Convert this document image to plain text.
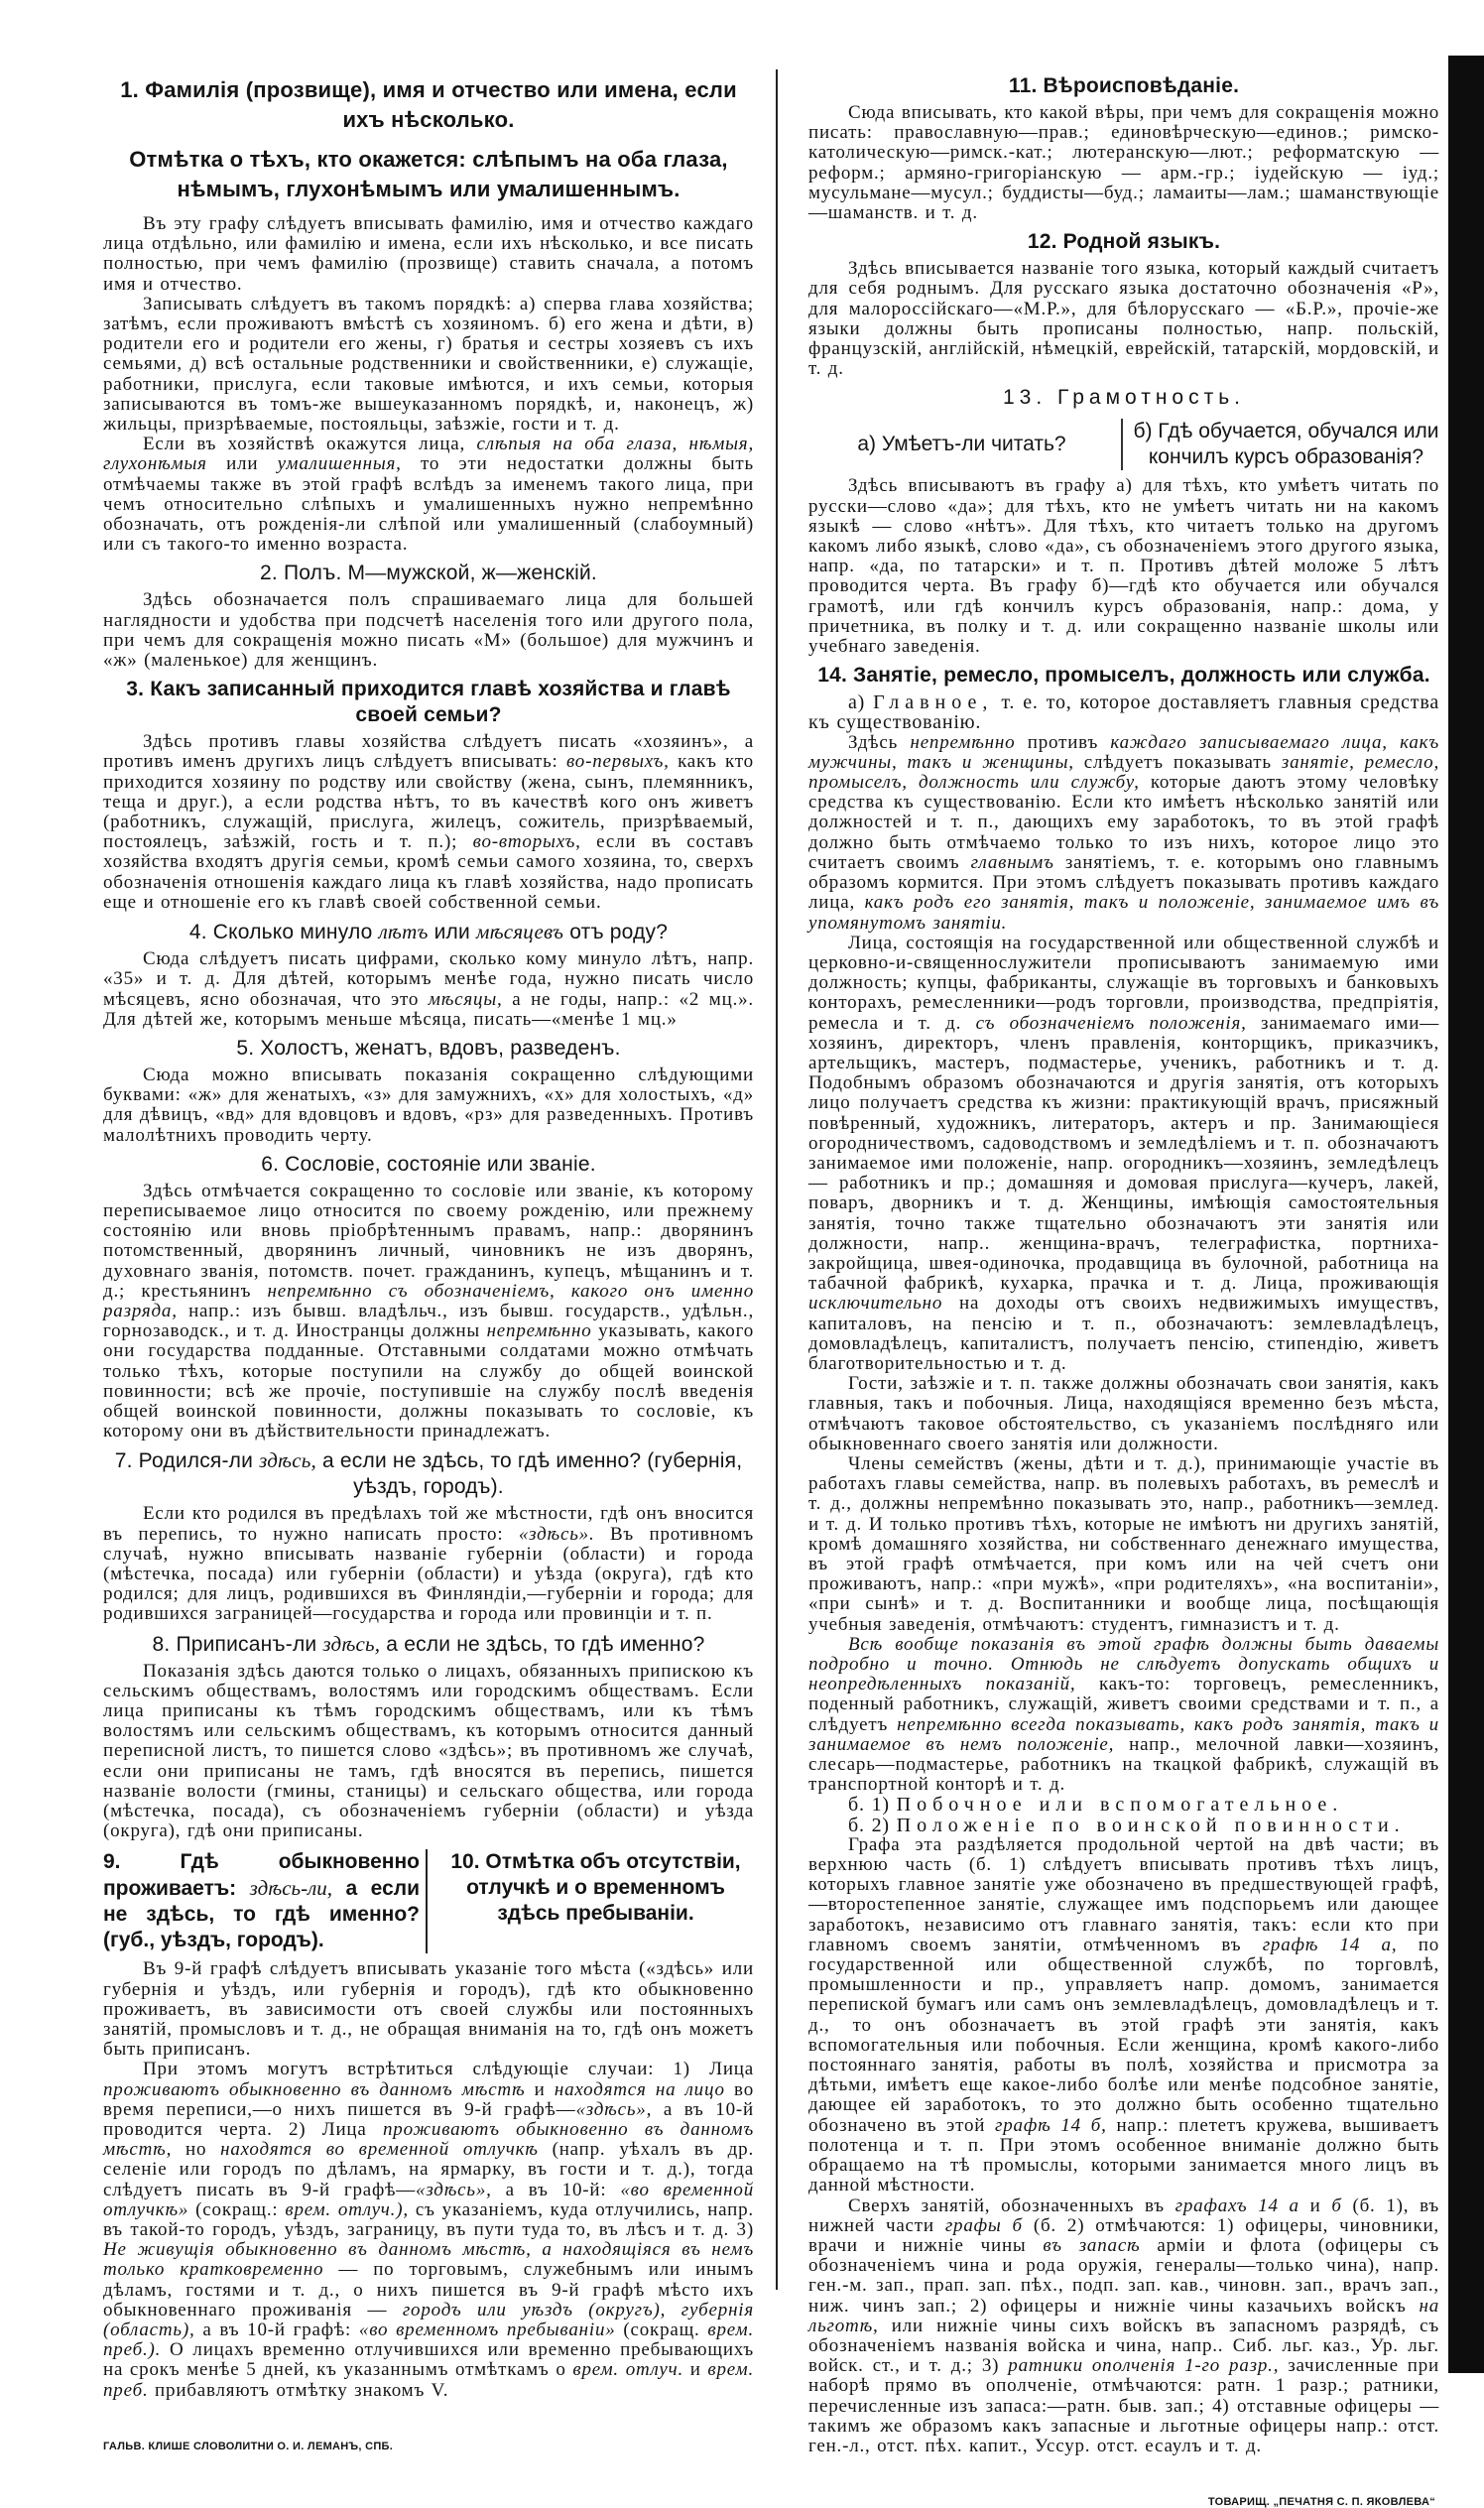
1. Фамилія (прозвище), имя и отчество или имена, если ихъ нѣсколько.
Отмѣтка о тѣхъ, кто окажется: слѣпымъ на оба глаза, нѣмымъ, глухонѣмымъ или умалишеннымъ.
Въ эту графу слѣдуетъ вписывать фамилію, имя и отчество каждаго лица отдѣльно, или фамилію и имена, если ихъ нѣсколько, и все писать полностью, при чемъ фамилію (прозвище) ставить сначала, а потомъ имя и отчество.
Записывать слѣдуетъ въ такомъ порядкѣ: а) сперва глава хозяйства; затѣмъ, если проживаютъ вмѣстѣ съ хозяиномъ. б) его жена и дѣти, в) родители его и родители его жены, г) братья и сестры хозяевъ съ ихъ семьями, д) всѣ остальные родственники и свойственники, е) служащіе, работники, прислуга, если таковые имѣются, и ихъ семьи, которыя записываются въ томъ-же вышеуказанномъ порядкѣ, и, наконецъ, ж) жильцы, призрѣваемые, постояльцы, заѣзжіе, гости и т. д.
Если въ хозяйствѣ окажутся лица, слѣпыя на оба глаза, нѣмыя, глухонѣмыя или умалишенныя, то эти недостатки должны быть отмѣчаемы также въ этой графѣ вслѣдъ за именемъ такого лица, при чемъ относительно слѣпыхъ и умалишенныхъ нужно непремѣнно обозначать, отъ рожденія-ли слѣпой или умалишенный (слабоумный) или съ такого-то именно возраста.
2. Полъ. М—мужской, ж—женскій.
Здѣсь обозначается полъ спрашиваемаго лица для большей наглядности и удобства при подсчетѣ населенія того или другого пола, при чемъ для сокращенія можно писать «М» (большое) для мужчинъ и «ж» (маленькое) для женщинъ.
3. Какъ записанный приходится главѣ хозяйства и главѣ своей семьи?
Здѣсь противъ главы хозяйства слѣдуетъ писать «хозяинъ», а противъ именъ другихъ лицъ слѣдуетъ вписывать: во-первыхъ, какъ кто приходится хозяину по родству или свойству (жена, сынъ, племянникъ, теща и друг.), а если родства нѣтъ, то въ качествѣ кого онъ живетъ (работникъ, служащій, прислуга, жилецъ, сожитель, призрѣваемый, постоялецъ, заѣзжій, гость и т. п.); во-вторыхъ, если въ составъ хозяйства входятъ другія семьи, кромѣ семьи самого хозяина, то, сверхъ обозначенія отношенія каждаго лица къ главѣ хозяйства, надо прописать еще и отношеніе его къ главѣ своей собственной семьи.
4. Сколько минуло лѣтъ или мѣсяцевъ отъ роду?
Сюда слѣдуетъ писать цифрами, сколько кому минуло лѣтъ, напр. «35» и т. д. Для дѣтей, которымъ менѣе года, нужно писать число мѣсяцевъ, ясно обозначая, что это мѣсяцы, а не годы, напр.: «2 мц.». Для дѣтей же, которымъ меньше мѣсяца, писать—«менѣе 1 мц.»
5. Холостъ, женатъ, вдовъ, разведенъ.
Сюда можно вписывать показанія сокращенно слѣдующими буквами: «ж» для женатыхъ, «з» для замужнихъ, «х» для холостыхъ, «д» для дѣвицъ, «вд» для вдовцовъ и вдовъ, «рз» для разведенныхъ. Противъ малолѣтнихъ проводить черту.
6. Сословіе, состояніе или званіе.
Здѣсь отмѣчается сокращенно то сословіе или званіе, къ которому переписываемое лицо относится по своему рожденію, или прежнему состоянію или вновь пріобрѣтеннымъ правамъ, напр.: дворянинъ потомственный, дворянинъ личный, чиновникъ не изъ дворянъ, духовнаго званія, потомств. почет. гражданинъ, купецъ, мѣщанинъ и т. д.; крестьянинъ непремѣнно съ обозначеніемъ, какого онъ именно разряда, напр.: изъ бывш. владѣльч., изъ бывш. государств., удѣльн., горнозаводск., и т. д. Иностранцы должны непремѣнно указывать, какого они государства подданные. Отставными солдатами можно отмѣчать только тѣхъ, которые поступили на службу до общей воинской повинности; всѣ же прочіе, поступившіе на службу послѣ введенія общей воинской повинности, должны показывать то сословіе, къ которому они въ дѣйствительности принадлежатъ.
7. Родился-ли здѣсь, а если не здѣсь, то гдѣ именно? (губернія, уѣздъ, городъ).
Если кто родился въ предѣлахъ той же мѣстности, гдѣ онъ вносится въ перепись, то нужно написать просто: «здѣсь». Въ противномъ случаѣ, нужно вписывать названіе губерніи (области) и города (мѣстечка, посада) или губерніи (области) и уѣзда (округа), гдѣ кто родился; для лицъ, родившихся въ Финляндіи,—губерніи и города; для родившихся заграницей—государства и города или провинціи и т. п.
8. Приписанъ-ли здѣсь, а если не здѣсь, то гдѣ именно?
Показанія здѣсь даются только о лицахъ, обязанныхъ припискою къ сельскимъ обществамъ, волостямъ или городскимъ обществамъ. Если лица приписаны къ тѣмъ городскимъ обществамъ, или къ тѣмъ волостямъ или сельскимъ обществамъ, къ которымъ относится данный переписной листъ, то пишется слово «здѣсь»; въ противномъ же случаѣ, если они приписаны не тамъ, гдѣ вносятся въ перепись, пишется названіе волости (гмины, станицы) и сельскаго общества, или города (мѣстечка, посада), съ обозначеніемъ губерніи (области) и уѣзда (округа), гдѣ они приписаны.
9. Гдѣ обыкновенно проживаетъ: здѣсь-ли, а если не здѣсь, то гдѣ именно? (губ., уѣздъ, городъ).
10. Отмѣтка объ отсутствіи, отлучкѣ и о временномъ здѣсь пребываніи.
Въ 9-й графѣ слѣдуетъ вписывать указаніе того мѣста («здѣсь» или губернія и уѣздъ, или губернія и городъ), гдѣ кто обыкновенно проживаетъ, въ зависимости отъ своей службы или постоянныхъ занятій, промысловъ и т. д., не обращая вниманія на то, гдѣ онъ можетъ быть приписанъ.
При этомъ могутъ встрѣтиться слѣдующіе случаи: 1) Лица проживаютъ обыкновенно въ данномъ мѣстѣ и находятся на лицо во время переписи,—о нихъ пишется въ 9-й графѣ—«здѣсь», а въ 10-й проводится черта. 2) Лица проживаютъ обыкновенно въ данномъ мѣстѣ, но находятся во временной отлучкѣ (напр. уѣхалъ въ др. селеніе или городъ по дѣламъ, на ярмарку, въ гости и т. д.), тогда слѣдуетъ писать въ 9-й графѣ—«здѣсь», а въ 10-й: «во временной отлучкѣ» (сокращ.: врем. отлуч.), съ указаніемъ, куда отлучились, напр. въ такой-то городъ, уѣздъ, заграницу, въ пути туда то, въ лѣсъ и т. д. 3) Не живущія обыкновенно въ данномъ мѣстѣ, а находящіяся въ немъ только кратковременно — по торговымъ, служебнымъ или инымъ дѣламъ, гостями и т. д., о нихъ пишется въ 9-й графѣ мѣсто ихъ обыкновеннаго проживанія — городъ или уѣздъ (округъ), губернія (область), а въ 10-й графѣ: «во временномъ пребываніи» (сокращ. врем. преб.). О лицахъ временно отлучившихся или временно пребывающихъ на срокъ менѣе 5 дней, къ указаннымъ отмѣткамъ о врем. отлуч. и врем. преб. прибавляютъ отмѣтку знакомъ V.
ГАЛЬВ. КЛИШЕ СЛОВОЛИТНИ О. И. ЛЕМАНЪ, СПБ.
11. Вѣроисповѣданіе.
Сюда вписывать, кто какой вѣры, при чемъ для сокращенія можно писать: православную—прав.; единовѣрческую—единов.; римско-католическую—римск.-кат.; лютеранскую—лют.; реформатскую — реформ.; армяно-григоріанскую — арм.-гр.; іудейскую — іуд.; мусульмане—мусул.; буддисты—буд.; ламаиты—лам.; шаманствующіе—шаманств. и т. д.
12. Родной языкъ.
Здѣсь вписывается названіе того языка, который каждый считаетъ для себя роднымъ. Для русскаго языка достаточно обозначенія «Р», для малороссійскаго—«М.Р.», для бѣлорусскаго — «Б.Р.», прочіе-же языки должны быть прописаны полностью, напр. польскій, французскій, англійскій, нѣмецкій, еврейскій, татарскій, мордовскій, и т. д.
13. Грамотность.
а) Умѣетъ-ли читать?
б) Гдѣ обучается, обучался или кончилъ курсъ образованія?
Здѣсь вписываютъ въ графу а) для тѣхъ, кто умѣетъ читать по русски—слово «да»; для тѣхъ, кто не умѣетъ читать ни на какомъ языкѣ — слово «нѣтъ». Для тѣхъ, кто читаетъ только на другомъ какомъ либо языкѣ, слово «да», съ обозначеніемъ этого другого языка, напр. «да, по татарски» и т. п. Противъ дѣтей моложе 5 лѣтъ проводится черта. Въ графу б)—гдѣ кто обучается или обучался грамотѣ, или гдѣ кончилъ курсъ образованія, напр.: дома, у причетника, въ полку и т. д. или сокращенно названіе школы или учебнаго заведенія.
14. Занятіе, ремесло, промыселъ, должность или служба.
а) Главное, т. е. то, которое доставляетъ главныя средства къ существованію.
Здѣсь непремѣнно противъ каждаго записываемаго лица, какъ мужчины, такъ и женщины, слѣдуетъ показывать занятіе, ремесло, промыселъ, должность или службу, которые даютъ этому человѣку средства къ существованію. Если кто имѣетъ нѣсколько занятій или должностей и т. п., дающихъ ему заработокъ, то въ этой графѣ должно быть отмѣчаемо только то изъ нихъ, которое лицо это считаетъ своимъ главнымъ занятіемъ, т. е. которымъ оно главнымъ образомъ кормится. При этомъ слѣдуетъ показывать противъ каждаго лица, какъ родъ его занятія, такъ и положеніе, занимаемое имъ въ упомянутомъ занятіи.
Лица, состоящія на государственной или общественной службѣ и церковно-и-священнослужители прописываютъ занимаемую ими должность; купцы, фабриканты, служащіе въ торговыхъ и банковыхъ конторахъ, ремесленники—родъ торговли, производства, предпріятія, ремесла и т. д. съ обозначеніемъ положенія, занимаемаго ими—хозяинъ, директоръ, членъ правленія, конторщикъ, приказчикъ, артельщикъ, мастеръ, подмастерье, ученикъ, работникъ и т. д. Подобнымъ образомъ обозначаются и другія занятія, отъ которыхъ лицо получаетъ средства къ жизни: практикующій врачъ, присяжный повѣренный, художникъ, литераторъ, актеръ и пр. Занимающіеся огородничествомъ, садоводствомъ и земледѣліемъ и т. п. обозначаютъ занимаемое ими положеніе, напр. огородникъ—хозяинъ, земледѣлецъ — работникъ и пр.; домашняя и домовая прислуга—кучеръ, лакей, поваръ, дворникъ и т. д. Женщины, имѣющія самостоятельныя занятія, точно также тщательно обозначаютъ эти занятія или должности, напр.. женщина-врачъ, телеграфистка, портниха-закройщица, швея-одиночка, продавщица въ булочной, работница на табачной фабрикѣ, кухарка, прачка и т. д. Лица, проживающія исключительно на доходы отъ своихъ недвижимыхъ имуществъ, капиталовъ, на пенсію и т. п., обозначаютъ: землевладѣлецъ, домовладѣлецъ, капиталистъ, получаетъ пенсію, стипендію, живетъ благотворительностью и т. д.
Гости, заѣзжіе и т. п. также должны обозначать свои занятія, какъ главныя, такъ и побочныя. Лица, находящіяся временно безъ мѣста, отмѣчаютъ таковое обстоятельство, съ указаніемъ послѣдняго или обыкновеннаго своего занятія или должности.
Члены семействъ (жены, дѣти и т. д.), принимающіе участіе въ работахъ главы семейства, напр. въ полевыхъ работахъ, въ ремеслѣ и т. д., должны непремѣнно показывать это, напр., работникъ—землед. и т. д. И только противъ тѣхъ, которые не имѣютъ ни другихъ занятій, кромѣ домашняго хозяйства, ни собственнаго денежнаго имущества, въ этой графѣ отмѣчается, при комъ или на чей счетъ они проживаютъ, напр.: «при мужѣ», «при родителяхъ», «на воспитаніи», «при сынѣ» и т. д. Воспитанники и вообще лица, посѣщающія учебныя заведенія, отмѣчаютъ: студентъ, гимназистъ и т. д.
Всѣ вообще показанія въ этой графѣ должны быть даваемы подробно и точно. Отнюдь не слѣдуетъ допускать общихъ и неопредѣленныхъ показаній, какъ-то: торговецъ, ремесленникъ, поденный работникъ, служащій, живетъ своими средствами и т. п., а слѣдуетъ непремѣнно всегда показывать, какъ родъ занятія, такъ и занимаемое въ немъ положеніе, напр., мелочной лавки—хозяинъ, слесарь—подмастерье, работникъ на ткацкой фабрикѣ, служащій въ транспортной конторѣ и т. д.
б. 1) Побочное или вспомогательное.
б. 2) Положеніе по воинской повинности.
Графа эта раздѣляется продольной чертой на двѣ части; въ верхнюю часть (б. 1) слѣдуетъ вписывать противъ тѣхъ лицъ, которыхъ главное занятіе уже обозначено въ предшествующей графѣ,—второстепенное занятіе, служащее имъ подспорьемъ или дающее заработокъ, независимо отъ главнаго занятія, такъ: если кто при главномъ своемъ занятіи, отмѣченномъ въ графѣ 14 а, по государственной или общественной службѣ, по торговлѣ, промышленности и пр., управляетъ напр. домомъ, занимается перепиской бумагъ или самъ онъ землевладѣлецъ, домовладѣлецъ и т. д., то онъ обозначаетъ въ этой графѣ эти занятія, какъ вспомогательныя или побочныя. Если женщина, кромѣ какого-либо постояннаго занятія, работы въ полѣ, хозяйства и присмотра за дѣтьми, имѣетъ еще какое-либо болѣе или менѣе подсобное занятіе, дающее ей заработокъ, то это должно быть особенно тщательно обозначено въ этой графѣ 14 б, напр.: плететъ кружева, вышиваетъ полотенца и т. п. При этомъ особенное вниманіе должно быть обращаемо на тѣ промыслы, которыми занимается много лицъ въ данной мѣстности.
Сверхъ занятій, обозначенныхъ въ графахъ 14 а и б (б. 1), въ нижней части графы б (б. 2) отмѣчаются: 1) офицеры, чиновники, врачи и нижніе чины въ запасѣ арміи и флота (офицеры съ обозначеніемъ чина и рода оружія, генералы—только чина), напр. ген.-м. зап., прап. зап. пѣх., подп. зап. кав., чиновн. зап., врачъ зап., ниж. чинъ зап.; 2) офицеры и нижніе чины казачьихъ войскъ на льготѣ, или нижніе чины сихъ войскъ въ запасномъ разрядѣ, съ обозначеніемъ названія войска и чина, напр.. Сиб. льг. каз., Ур. льг. войск. ст., и т. д.; 3) ратники ополченія 1-го разр., зачисленные при наборѣ прямо въ ополченіе, отмѣчаются: ратн. 1 разр.; ратники, перечисленные изъ запаса:—ратн. быв. зап.; 4) отставные офицеры — такимъ же образомъ какъ запасные и льготные офицеры напр.: отст. ген.-л., отст. пѣх. капит., Уссур. отст. есаулъ и т. д.
ТОВАРИЩ. „ПЕЧАТНЯ С. П. ЯКОВЛЕВА“
